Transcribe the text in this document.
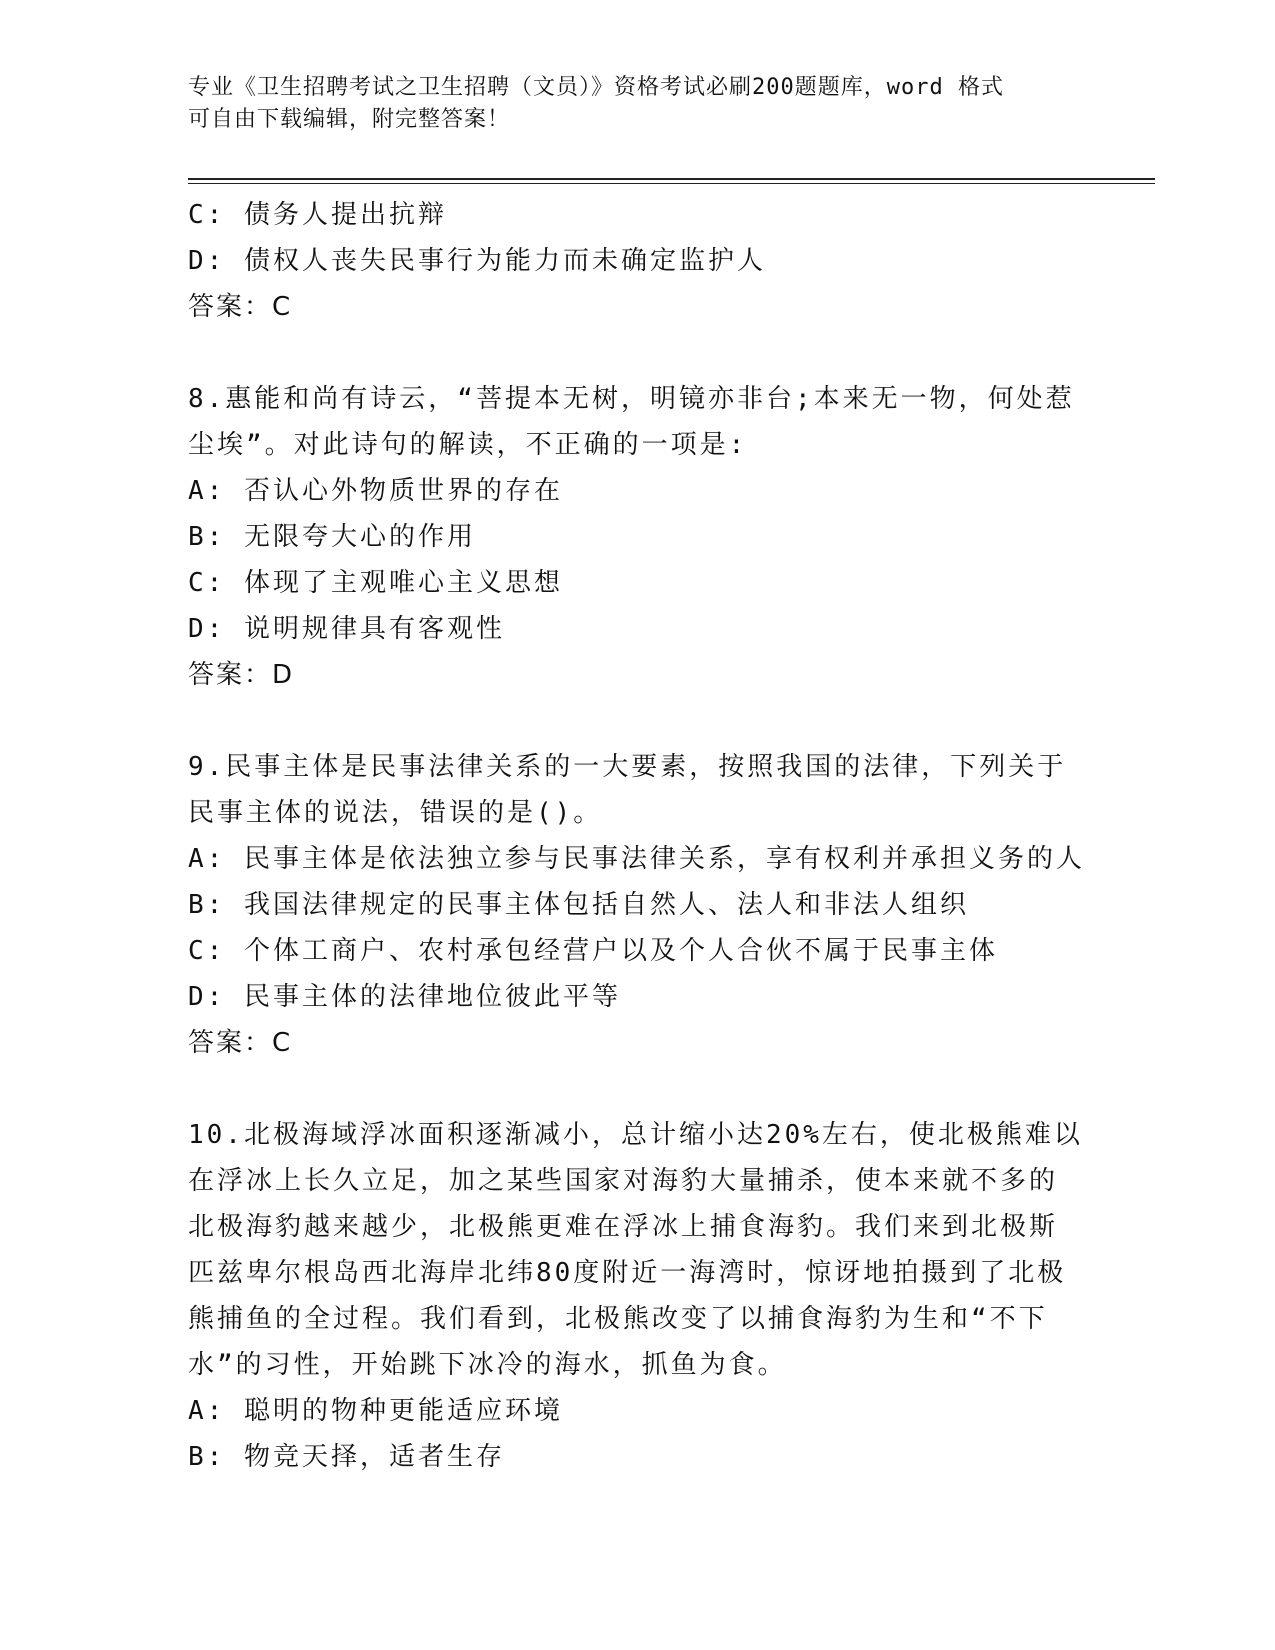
专业《卫生招聘考试之卫生招聘（文员）》资格考试必刷200题题库，word 格式
可自由下载编辑，附完整答案！
C: 债务人提出抗辩
D: 债权人丧失民事行为能力而未确定监护人
答案：C
8.惠能和尚有诗云，“菩提本无树，明镜亦非台;本来无一物，何处惹
尘埃”。对此诗句的解读，不正确的一项是:
A: 否认心外物质世界的存在
B: 无限夸大心的作用
C: 体现了主观唯心主义思想
D: 说明规律具有客观性
答案：D
9.民事主体是民事法律关系的一大要素，按照我国的法律，下列关于
民事主体的说法，错误的是()。
A: 民事主体是依法独立参与民事法律关系，享有权利并承担义务的人
B: 我国法律规定的民事主体包括自然人、法人和非法人组织
C: 个体工商户、农村承包经营户以及个人合伙不属于民事主体
D: 民事主体的法律地位彼此平等
答案：C
10.北极海域浮冰面积逐渐减小，总计缩小达20%左右，使北极熊难以
在浮冰上长久立足，加之某些国家对海豹大量捕杀，使本来就不多的
北极海豹越来越少，北极熊更难在浮冰上捕食海豹。我们来到北极斯
匹兹卑尔根岛西北海岸北纬80度附近一海湾时，惊讶地拍摄到了北极
熊捕鱼的全过程。我们看到，北极熊改变了以捕食海豹为生和“不下
水”的习性，开始跳下冰冷的海水，抓鱼为食。
A: 聪明的物种更能适应环境
B: 物竞天择，适者生存
